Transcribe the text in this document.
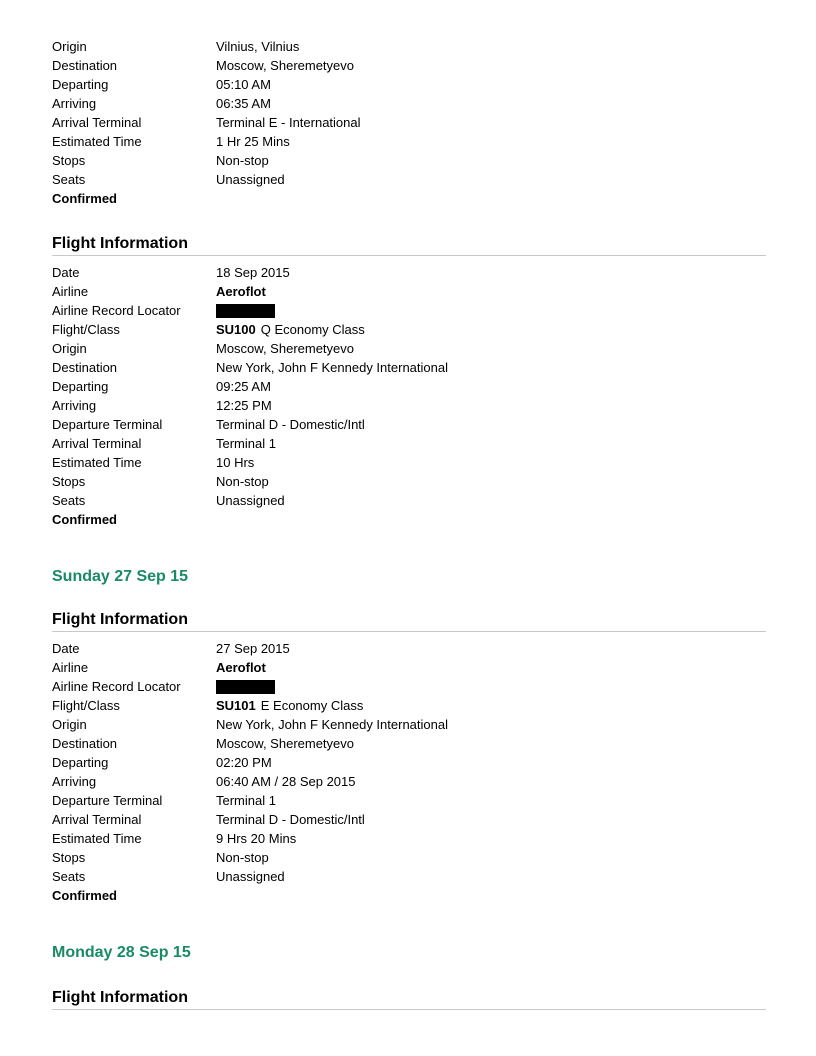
Origin	Vilnius, Vilnius
Destination	Moscow, Sheremetyevo
Departing	05:10 AM
Arriving	06:35 AM
Arrival Terminal	Terminal E - International
Estimated Time	1 Hr 25 Mins
Stops	Non-stop
Seats	Unassigned
Confirmed
Flight Information
Date	18 Sep 2015
Airline	Aeroflot
Airline Record Locator
Flight/Class	SU100 Q Economy Class
Origin	Moscow, Sheremetyevo
Destination	New York, John F Kennedy International
Departing	09:25 AM
Arriving	12:25 PM
Departure Terminal	Terminal D - Domestic/Intl
Arrival Terminal	Terminal 1
Estimated Time	10 Hrs
Stops	Non-stop
Seats	Unassigned
Confirmed
Sunday 27 Sep 15
Flight Information
Date	27 Sep 2015
Airline	Aeroflot
Airline Record Locator
Flight/Class	SU101 E Economy Class
Origin	New York, John F Kennedy International
Destination	Moscow, Sheremetyevo
Departing	02:20 PM
Arriving	06:40 AM / 28 Sep 2015
Departure Terminal	Terminal 1
Arrival Terminal	Terminal D - Domestic/Intl
Estimated Time	9 Hrs 20 Mins
Stops	Non-stop
Seats	Unassigned
Confirmed
Monday 28 Sep 15
Flight Information
